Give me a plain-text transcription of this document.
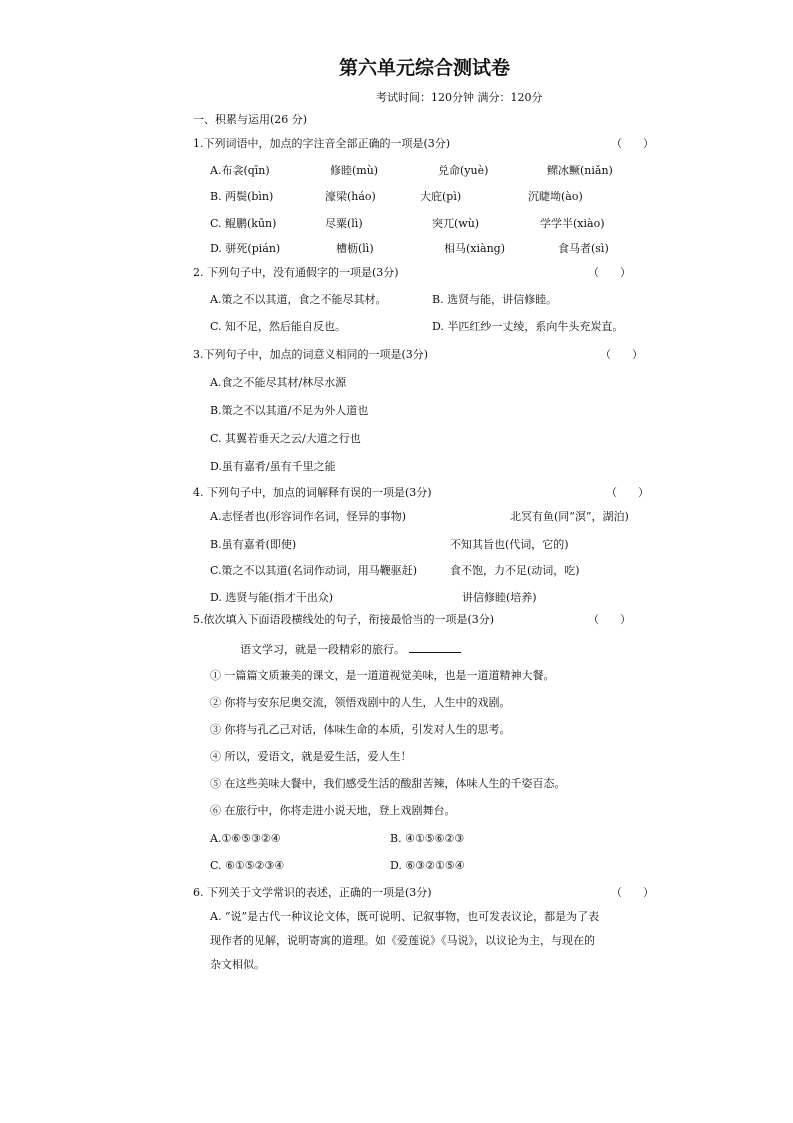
第六单元综合测试卷
考试时间：120分钟 满分：120分
一、积累与运用(26 分)
1.下列词语中，加点的字注音全部正确的一项是(3分)	（      ）
A.布衾(qīn)	修睦(mù)	兑命(yuè)	鳏冰鳜(niǎn)
B. 两鬓(bìn)	濠梁(háo)	大庇(pì)	沉睫坳(ào)
C. 鲲鹏(kūn)	尽粟(lì)	突兀(wù)	学学半(xiào)
D. 骈死(pián)	槽枥(lì)	相马(xiàng)	食马者(sì)
2. 下列句子中，没有通假字的一项是(3分)	（      ）
A.策之不以其道，食之不能尽其材。	B. 选贤与能，讲信修睦。
C. 知不足，然后能自反也。	D. 半匹红纱一丈绫，系向牛头充炭直。
3.下列句子中，加点的词意义相同的一项是(3分)	（      ）
A.食之不能尽其材/林尽水源
B.策之不以其道/不足为外人道也
C. 其翼若垂天之云/大道之行也
D.虽有嘉肴/虽有千里之能
4. 下列句子中，加点的词解释有误的一项是(3分)	（      ）
A.志怪者也(形容词作名词，怪异的事物)	北冥有鱼(同“溟”，湖泊)
B.虽有嘉肴(即使)	不知其旨也(代词，它的)
C.策之不以其道(名词作动词，用马鞭驱赶)	食不饱，力不足(动词，吃)
D. 选贤与能(指才干出众)	讲信修睦(培养)
5.依次填入下面语段横线处的句子，衔接最恰当的一项是(3分)	（      ）
语文学习，就是一段精彩的旅行。
① 一篇篇文质兼美的课文，是一道道视觉美味，也是一道道精神大餐。
② 你将与安东尼奥交流，领悟戏剧中的人生，人生中的戏剧。
③ 你将与孔乙己对话，体味生命的本质，引发对人生的思考。
④ 所以，爱语文，就是爱生活，爱人生！
⑤ 在这些美味大餐中，我们感受生活的酸甜苦辣，体味人生的千姿百态。
⑥ 在旅行中，你将走进小说天地，登上戏剧舞台。
A.①⑥⑤③②④	B. ④①⑤⑥②③
C. ⑥①⑤②③④	D. ⑥③②①⑤④
6. 下列关于文学常识的表述，正确的一项是(3分)	（      ）
A. “说”是古代一种议论文体，既可说明、记叙事物，也可发表议论，都是为了表
现作者的见解，说明寄寓的道理。如《爱莲说》《马说》，以议论为主，与现在的
杂文相似。
